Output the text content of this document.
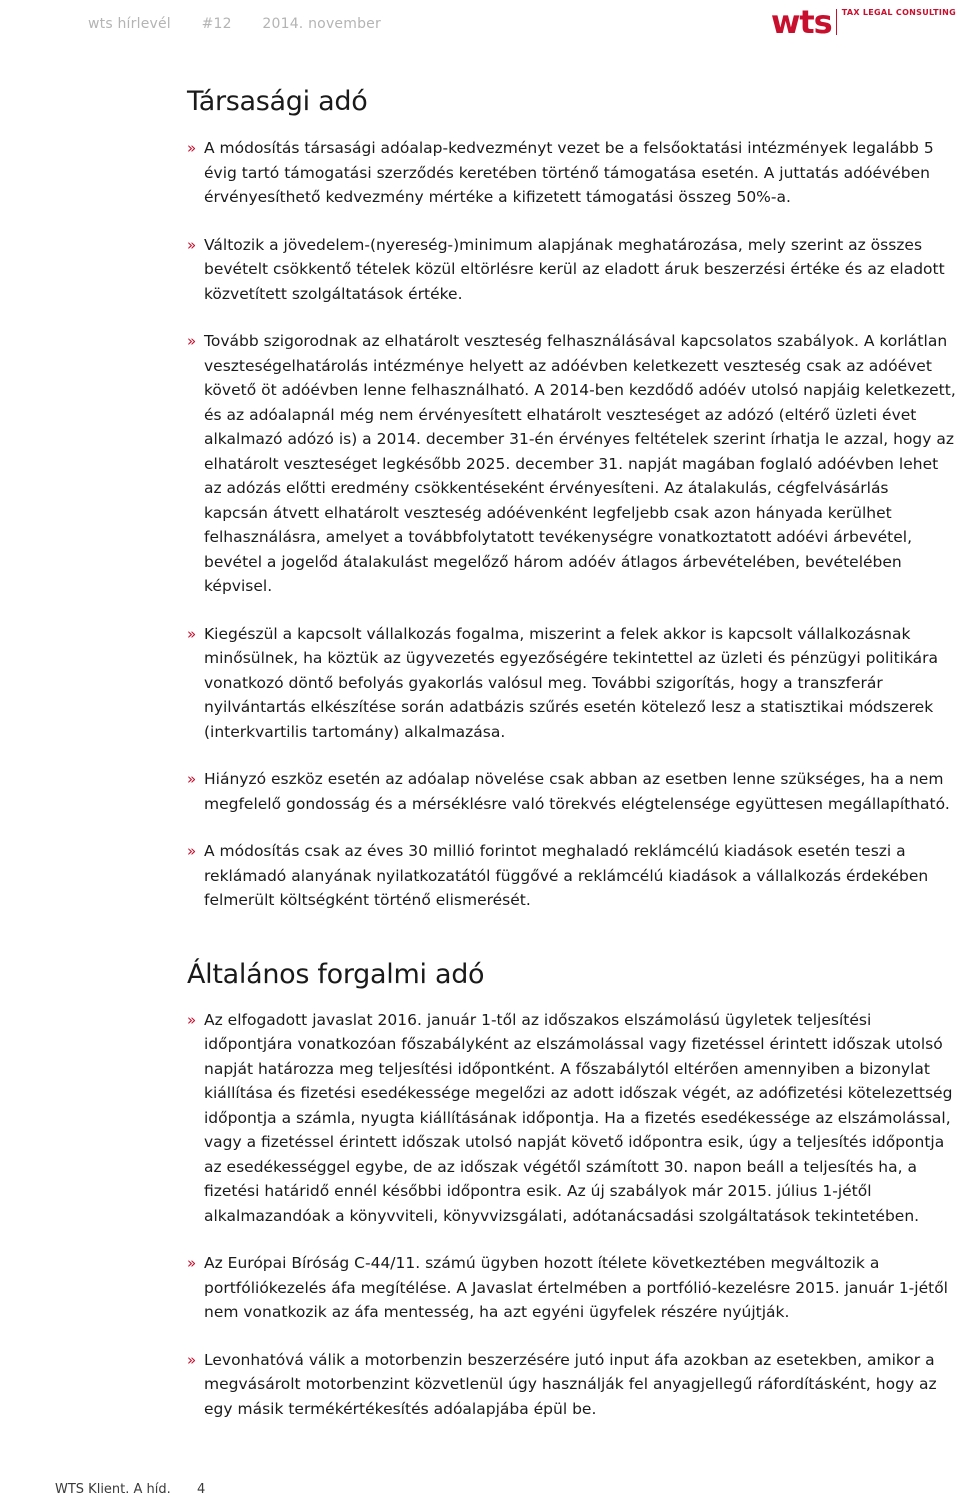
wts hírlevél #12 2014. november	wts TAX LEGAL CONSULTING
Társasági adó
» A módosítás társasági adóalap-kedvezményt vezet be a felsőoktatási intézmények legalább 5 évig tartó támogatási szerződés keretében történő támogatása esetén. A juttatás adóévében érvényesíthető kedvezmény mértéke a kifizetett támogatási összeg 50%-a.
» Változik a jövedelem-(nyereség-)minimum alapjának meghatározása, mely szerint az összes bevételt csökkentő tételek közül eltörlésre kerül az eladott áruk beszerzési értéke és az eladott közvetített szolgáltatások értéke.
» Tovább szigorodnak az elhatárolt veszteség felhasználásával kapcsolatos szabályok. A korlátlan veszteségelhatárolás intézménye helyett az adóévben keletkezett veszteség csak az adóévet követő öt adóévben lenne felhasználható. A 2014-ben kezdődő adóév utolsó napjáig keletkezett, és az adóalapnál még nem érvényesített elhatárolt veszteséget az adózó (eltérő üzleti évet alkalmazó adózó is) a 2014. december 31-én érvényes feltételek szerint írhatja le azzal, hogy az elhatárolt veszteséget legkésőbb 2025. december 31. napját magában foglaló adóévben lehet az adózás előtti eredmény csökkentéseként érvényesíteni. Az átalakulás, cégfelvásárlás kapcsán átvett elhatárolt veszteség adóévenként legfeljebb csak azon hányada kerülhet felhasználásra, amelyet a továbbfolytatott tevékenységre vonatkoztatott adóévi árbevétel, bevétel a jogelőd átalakulást megelőző három adóév átlagos árbevételében, bevételében képvisel.
» Kiegészül a kapcsolt vállalkozás fogalma, miszerint a felek akkor is kapcsolt vállalkozásnak minősülnek, ha köztük az ügyvezetés egyezőségére tekintettel az üzleti és pénzügyi politikára vonatkozó döntő befolyás gyakorlás valósul meg. További szigorítás, hogy a transzferár nyilvántartás elkészítése során adatbázis szűrés esetén kötelező lesz a statisztikai módszerek (interkvartilis tartomány) alkalmazása.
» Hiányzó eszköz esetén az adóalap növelése csak abban az esetben lenne szükséges, ha a nem megfelelő gondosság és a mérséklésre való törekvés elégtelensége együttesen megállapítható.
» A módosítás csak az éves 30 millió forintot meghaladó reklámcélú kiadások esetén teszi a reklámadó alanyának nyilatkozatától függővé a reklámcélú kiadások a vállalkozás érdekében felmerült költségként történő elismerését.
Általános forgalmi adó
» Az elfogadott javaslat 2016. január 1-től az időszakos elszámolású ügyletek teljesítési időpontjára vonatkozóan főszabályként az elszámolással vagy fizetéssel érintett időszak utolsó napját határozza meg teljesítési időpontként. A főszabálytól eltérően amennyiben a bizonylat kiállítása és fizetési esedékessége megelőzi az adott időszak végét, az adófizetési kötelezettség időpontja a számla, nyugta kiállításának időpontja. Ha a fizetés esedékessége az elszámolással, vagy a fizetéssel érintett időszak utolsó napját követő időpontra esik, úgy a teljesítés időpontja az esedékességgel egybe, de az időszak végétől számított 30. napon beáll a teljesítés ha, a fizetési határidő ennél későbbi időpontra esik. Az új szabályok már 2015. július 1-jétől alkalmazandóak a könyvviteli, könyvvizsgálati, adótanácsadási szolgáltatások tekintetében.
» Az Európai Bíróság C-44/11. számú ügyben hozott ítélete következtében megváltozik a portfóliókezelés áfa megítélése. A Javaslat értelmében a portfólió-kezelésre 2015. január 1-jétől nem vonatkozik az áfa mentesség, ha azt egyéni ügyfelek részére nyújtják.
» Levonhatóvá válik a motorbenzin beszerzésére jutó input áfa azokban az esetekben, amikor a megvásárolt motorbenzint közvetlenül úgy használják fel anyagjellegű ráfordításként, hogy az egy másik termékértékesítés adóalapjába épül be.
WTS Klient. A híd. 4
